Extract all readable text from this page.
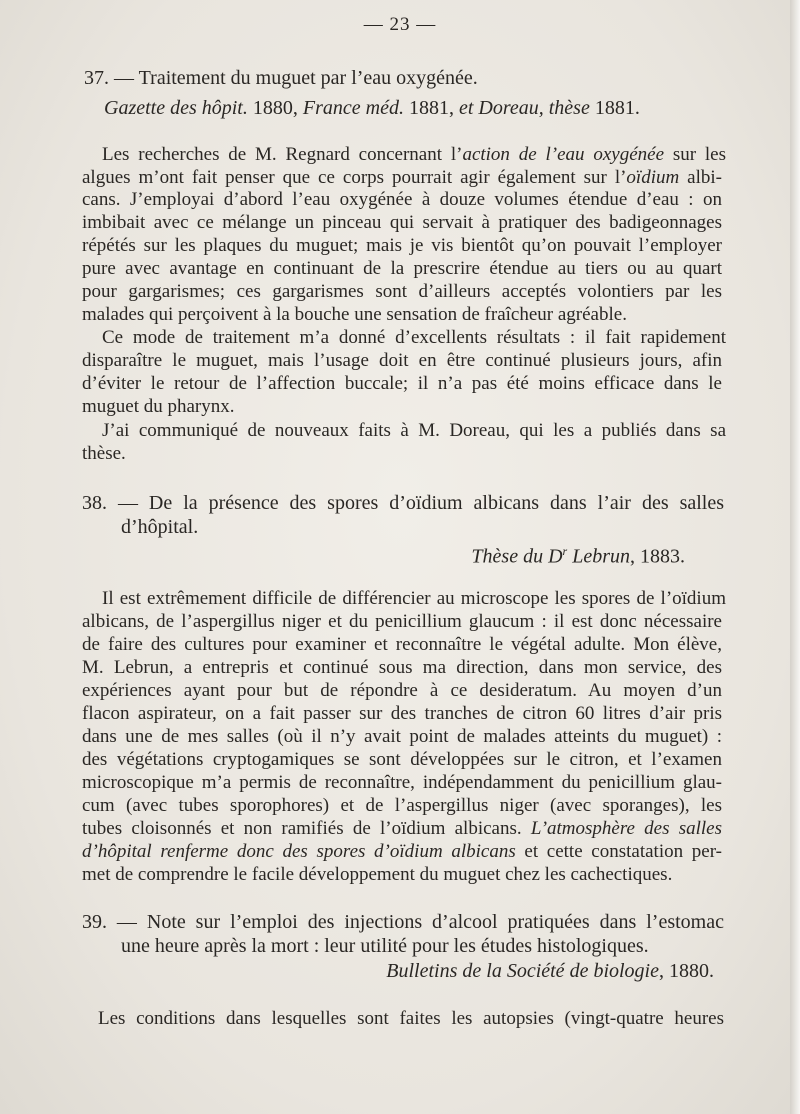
— 23 —
37. — Traitement du muguet par l’eau oxygénée.
Gazette des hôpit. 1880, France méd. 1881, et Doreau, thèse 1881.
Les recherches de M. Regnard concernant l’action de l’eau oxygénée sur les
algues m’ont fait penser que ce corps pourrait agir également sur l’oïdium albi-
cans. J’employai d’abord l’eau oxygénée à douze volumes étendue d’eau : on
imbibait avec ce mélange un pinceau qui servait à pratiquer des badigeonnages
répétés sur les plaques du muguet; mais je vis bientôt qu’on pouvait l’employer
pure avec avantage en continuant de la prescrire étendue au tiers ou au quart
pour gargarismes; ces gargarismes sont d’ailleurs acceptés volontiers par les
malades qui perçoivent à la bouche une sensation de fraîcheur agréable.
Ce mode de traitement m’a donné d’excellents résultats : il fait rapidement
disparaître le muguet, mais l’usage doit en être continué plusieurs jours, afin
d’éviter le retour de l’affection buccale; il n’a pas été moins efficace dans le
muguet du pharynx.
J’ai communiqué de nouveaux faits à M. Doreau, qui les a publiés dans sa
thèse.
38. — De la présence des spores d’oïdium albicans dans l’air des salles
d’hôpital.
Thèse du $D^r$ Lebrun, 1883.
Il est extrêmement difficile de différencier au microscope les spores de l’oïdium
albicans, de l’aspergillus niger et du penicillium glaucum : il est donc nécessaire
de faire des cultures pour examiner et reconnaître le végétal adulte. Mon élève,
M. Lebrun, a entrepris et continué sous ma direction, dans mon service, des
expériences ayant pour but de répondre à ce desideratum. Au moyen d’un
flacon aspirateur, on a fait passer sur des tranches de citron 60 litres d’air pris
dans une de mes salles (où il n’y avait point de malades atteints du muguet) :
des végétations cryptogamiques se sont développées sur le citron, et l’examen
microscopique m’a permis de reconnaître, indépendamment du penicillium glau-
cum (avec tubes sporophores) et de l’aspergillus niger (avec sporanges), les
tubes cloisonnés et non ramifiés de l’oïdium albicans. L’atmosphère des salles
d’hôpital renferme donc des spores d’oïdium albicans et cette constatation per-
met de comprendre le facile développement du muguet chez les cachectiques.
39. — Note sur l’emploi des injections d’alcool pratiquées dans l’estomac
une heure après la mort : leur utilité pour les études histologiques.
Bulletins de la Société de biologie, 1880.
Les conditions dans lesquelles sont faites les autopsies (vingt-quatre heures
